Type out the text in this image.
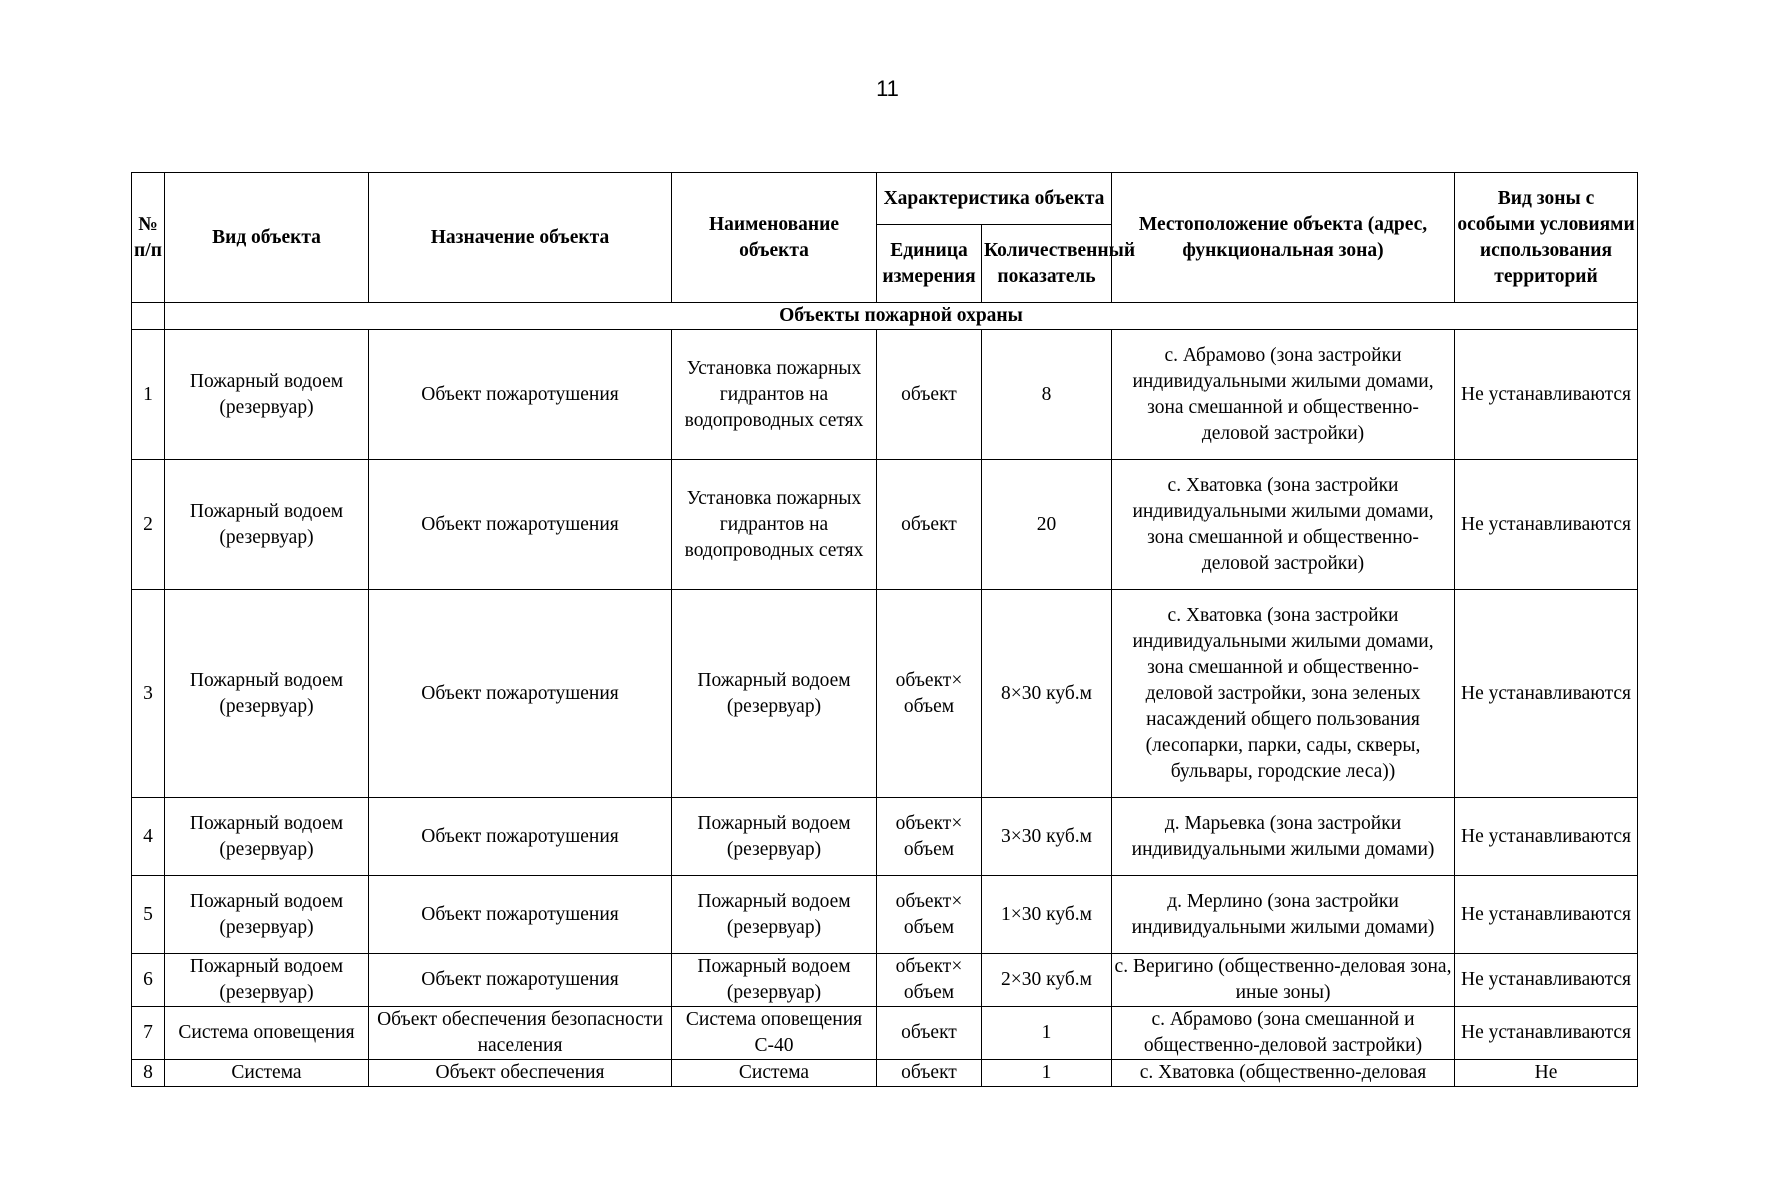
11
№ п/п	Вид объекта	Назначение объекта	Наименование объекта	Характеристика объекта		Местоположение объекта (адрес, функциональная зона)	Вид зоны с особыми условиями использования территорий
				Единица измерения	Количественный показатель		
	Объекты пожарной охраны						
1	Пожарный водоем (резервуар)	Объект пожаротушения	Установка пожарных гидрантов на водопроводных сетях	объект	8	с. Абрамово (зона застройки индивидуальными жилыми домами, зона смешанной и общественно-деловой застройки)	Не устанавливаются
2	Пожарный водоем (резервуар)	Объект пожаротушения	Установка пожарных гидрантов на водопроводных сетях	объект	20	с. Хватовка (зона застройки индивидуальными жилыми домами, зона смешанной и общественно-деловой застройки)	Не устанавливаются
3	Пожарный водоем (резервуар)	Объект пожаротушения	Пожарный водоем (резервуар)	объект× объем	8×30 куб.м	с. Хватовка (зона застройки индивидуальными жилыми домами, зона смешанной и общественно-деловой застройки, зона зеленых насаждений общего пользования (лесопарки, парки, сады, скверы, бульвары, городские леса))	Не устанавливаются
4	Пожарный водоем (резервуар)	Объект пожаротушения	Пожарный водоем (резервуар)	объект× объем	3×30 куб.м	д. Марьевка (зона застройки индивидуальными жилыми домами)	Не устанавливаются
5	Пожарный водоем (резервуар)	Объект пожаротушения	Пожарный водоем (резервуар)	объект× объем	1×30 куб.м	д. Мерлино (зона застройки индивидуальными жилыми домами)	Не устанавливаются
6	Пожарный водоем (резервуар)	Объект пожаротушения	Пожарный водоем (резервуар)	объект× объем	2×30 куб.м	с. Веригино (общественно-деловая зона, иные зоны)	Не устанавливаются
7	Система оповещения	Объект обеспечения безопасности населения	Система оповещения С-40	объект	1	с. Абрамово (зона смешанной и общественно-деловой застройки)	Не устанавливаются
8	Система	Объект обеспечения	Система	объект	1	с. Хватовка (общественно-деловая	Не
